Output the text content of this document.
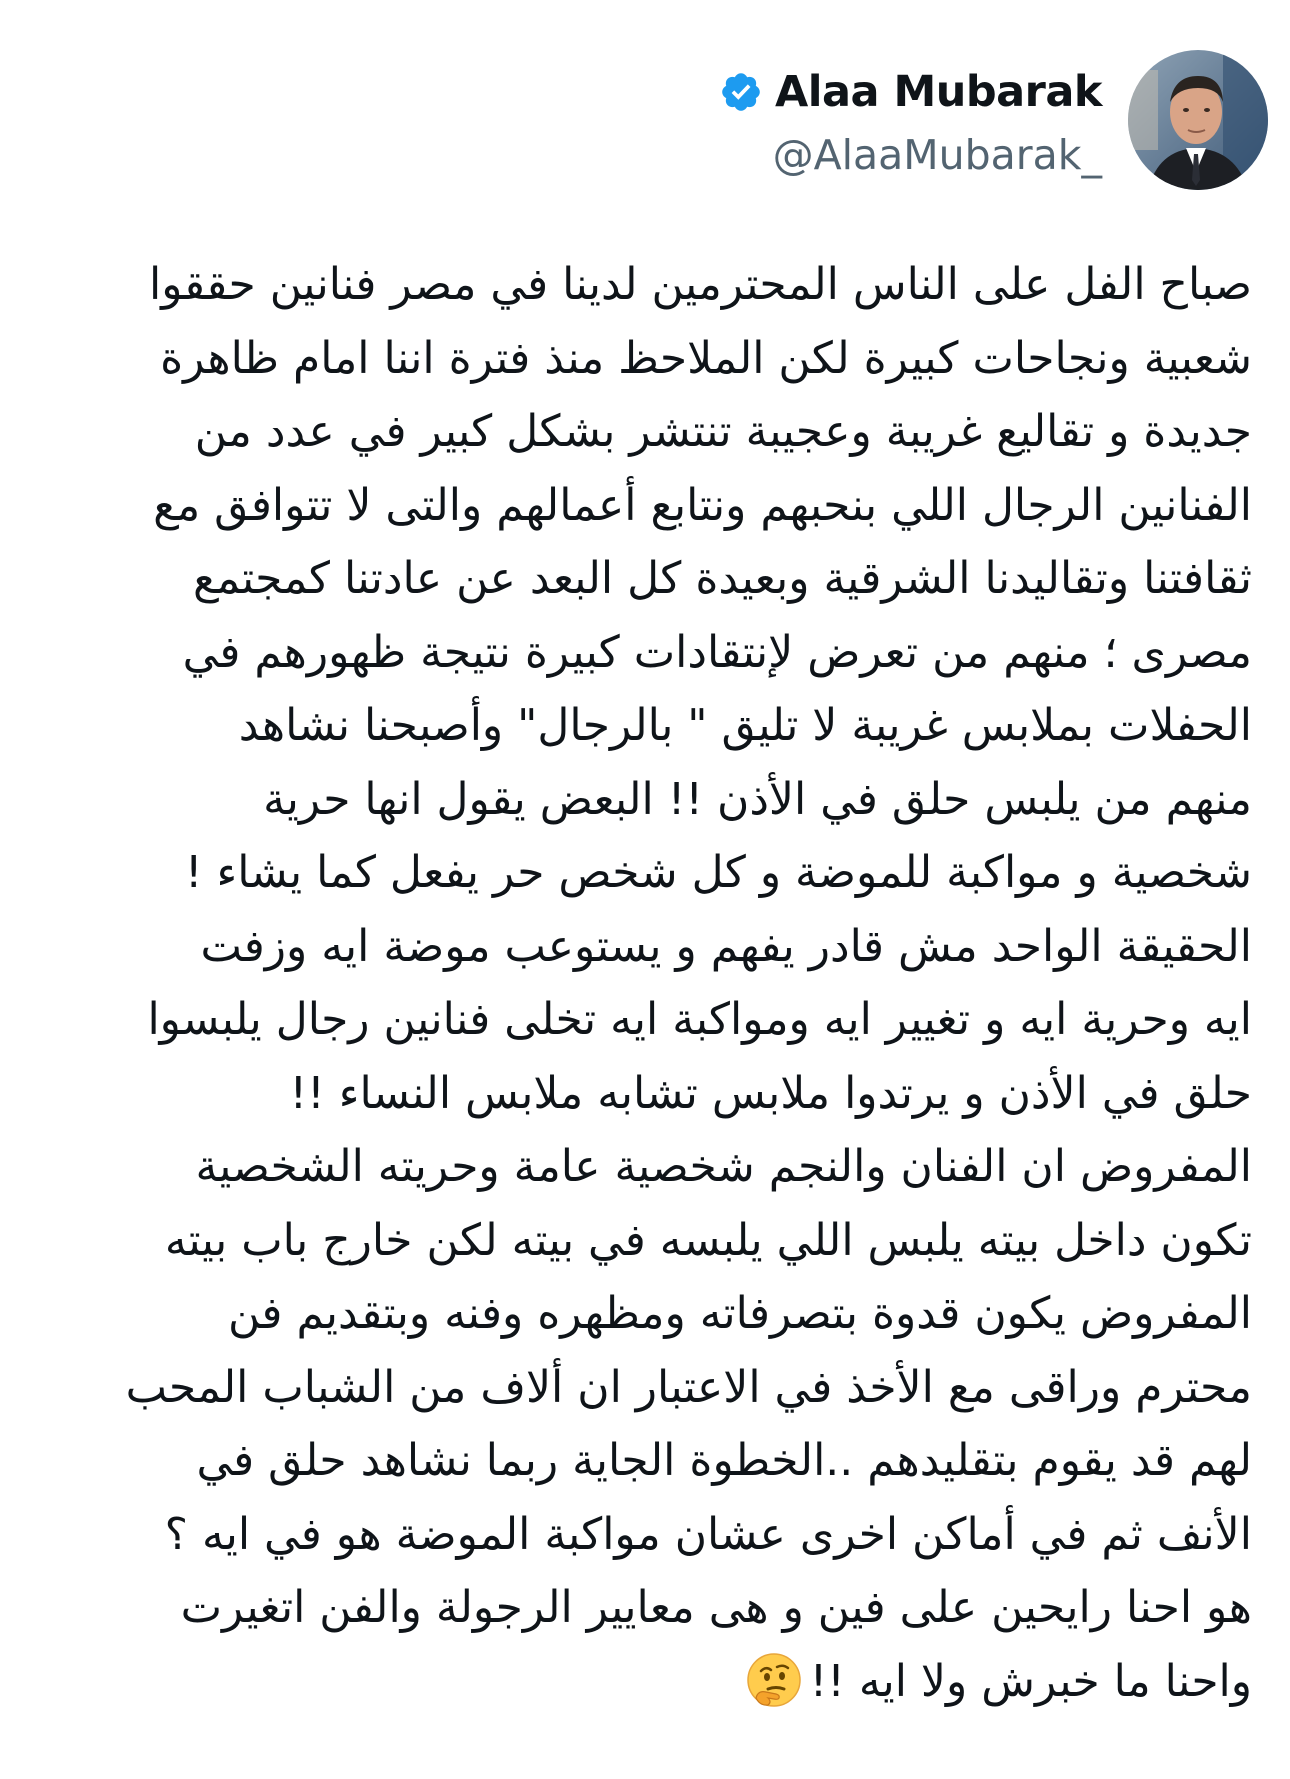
Alaa Mubarak
@AlaaMubarak_
صباح الفل على الناس المحترمين لدينا في مصر فنانين حققوا
شعبية ونجاحات كبيرة لكن الملاحظ منذ فترة اننا امام ظاهرة
جديدة و تقاليع غريبة وعجيبة تنتشر بشكل كبير في عدد من
الفنانين الرجال اللي بنحبهم ونتابع أعمالهم والتى لا تتوافق مع
ثقافتنا وتقاليدنا الشرقية وبعيدة كل البعد عن عادتنا كمجتمع
مصرى ؛ منهم من تعرض لإنتقادات كبيرة نتيجة ظهورهم في
الحفلات بملابس غريبة لا تليق " بالرجال" وأصبحنا نشاهد
منهم من يلبس حلق في الأذن !! البعض يقول انها حرية
شخصية و مواكبة للموضة و كل شخص حر يفعل كما يشاء !
الحقيقة الواحد مش قادر يفهم و يستوعب موضة ايه وزفت
ايه وحرية ايه و تغيير ايه ومواكبة ايه تخلى فنانين رجال يلبسوا
حلق في الأذن و يرتدوا ملابس تشابه ملابس النساء !!
المفروض ان الفنان والنجم شخصية عامة وحريته الشخصية
تكون داخل بيته يلبس اللي يلبسه في بيته لكن خارج باب بيته
المفروض يكون قدوة بتصرفاته ومظهره وفنه وبتقديم فن
محترم وراقى مع الأخذ في الاعتبار ان ألاف من الشباب المحب
لهم قد يقوم بتقليدهم ..الخطوة الجاية ربما نشاهد حلق في
الأنف ثم في أماكن اخرى عشان مواكبة الموضة هو في ايه ؟
هو احنا رايحين على فين و هى معايير الرجولة والفن اتغيرت
واحنا ما خبرش ولا ايه !!
